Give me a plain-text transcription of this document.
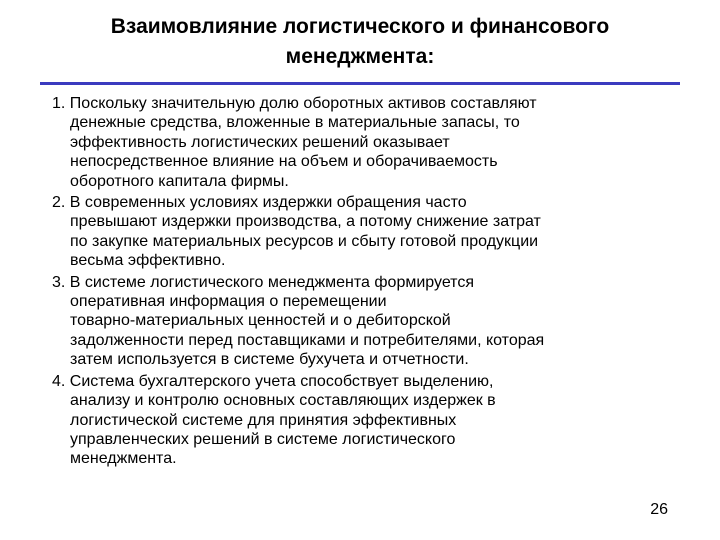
Взаимовлияние логистического и финансового
менеджмента:
1. Поскольку значительную долю оборотных активов составляют
денежные средства, вложенные в материальные запасы, то
эффективность логистических решений оказывает
непосредственное влияние на объем и оборачиваемость
оборотного капитала фирмы.
2. В современных условиях издержки обращения часто
превышают издержки производства, а потому снижение затрат
по закупке материальных ресурсов и сбыту готовой продукции
весьма эффективно.
3. В системе логистического менеджмента формируется
оперативная информация о перемещении
товарно-материальных ценностей и о дебиторской
задолженности перед поставщиками и потребителями, которая
затем используется в системе бухучета и отчетности.
4. Система бухгалтерского учета способствует выделению,
анализу и контролю основных составляющих издержек в
логистической системе для принятия эффективных
управленческих решений в системе логистического
менеджмента.
26
